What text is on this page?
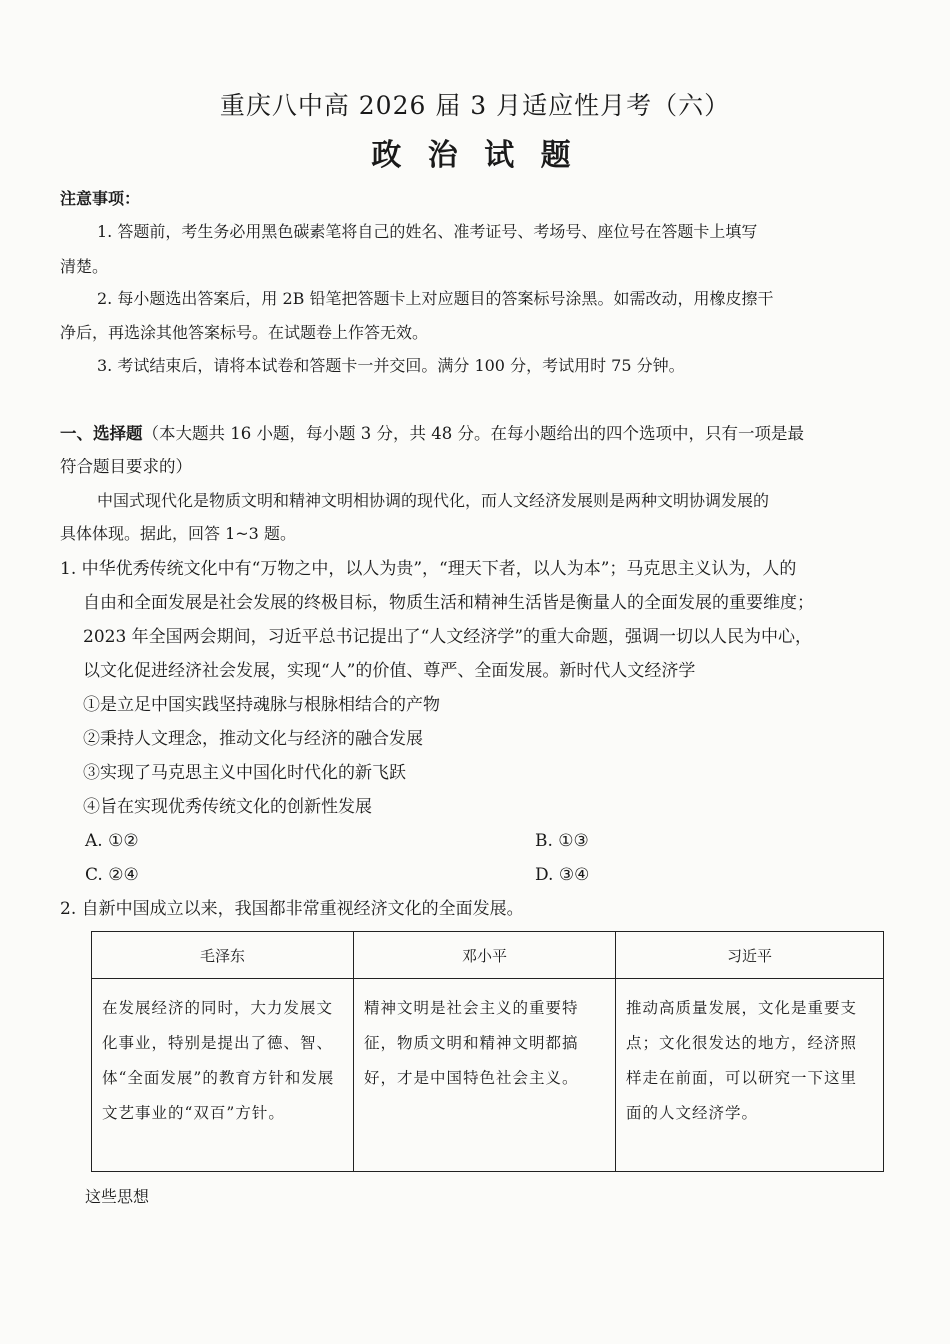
重庆八中高 2026 届 3 月适应性月考（六）
政 治 试 题
注意事项：
1. 答题前，考生务必用黑色碳素笔将自己的姓名、准考证号、考场号、座位号在答题卡上填写
清楚。
2. 每小题选出答案后，用 2B 铅笔把答题卡上对应题目的答案标号涂黑。如需改动，用橡皮擦干
净后，再选涂其他答案标号。在试题卷上作答无效。
3. 考试结束后，请将本试卷和答题卡一并交回。满分 100 分，考试用时 75 分钟。
一、选择题（本大题共 16 小题，每小题 3 分，共 48 分。在每小题给出的四个选项中，只有一项是最
符合题目要求的）
中国式现代化是物质文明和精神文明相协调的现代化，而人文经济发展则是两种文明协调发展的
具体体现。据此，回答 1~3 题。
1. 中华优秀传统文化中有“万物之中，以人为贵”，“理天下者，以人为本”；马克思主义认为，人的
自由和全面发展是社会发展的终极目标，物质生活和精神生活皆是衡量人的全面发展的重要维度；
2023 年全国两会期间，习近平总书记提出了“人文经济学”的重大命题，强调一切以人民为中心，
以文化促进经济社会发展，实现“人”的价值、尊严、全面发展。新时代人文经济学
①是立足中国实践坚持魂脉与根脉相结合的产物
②秉持人文理念，推动文化与经济的融合发展
③实现了马克思主义中国化时代化的新飞跃
④旨在实现优秀传统文化的创新性发展
A. ①②	B. ①③
C. ②④	D. ③④
2. 自新中国成立以来，我国都非常重视经济文化的全面发展。
毛泽东	邓小平	习近平
在发展经济的同时，大力发展文化事业，特别是提出了德、智、体“全面发展”的教育方针和发展文艺事业的“双百”方针。	精神文明是社会主义的重要特征，物质文明和精神文明都搞好，才是中国特色社会主义。	推动高质量发展，文化是重要支点；文化很发达的地方，经济照样走在前面，可以研究一下这里面的人文经济学。
这些思想
